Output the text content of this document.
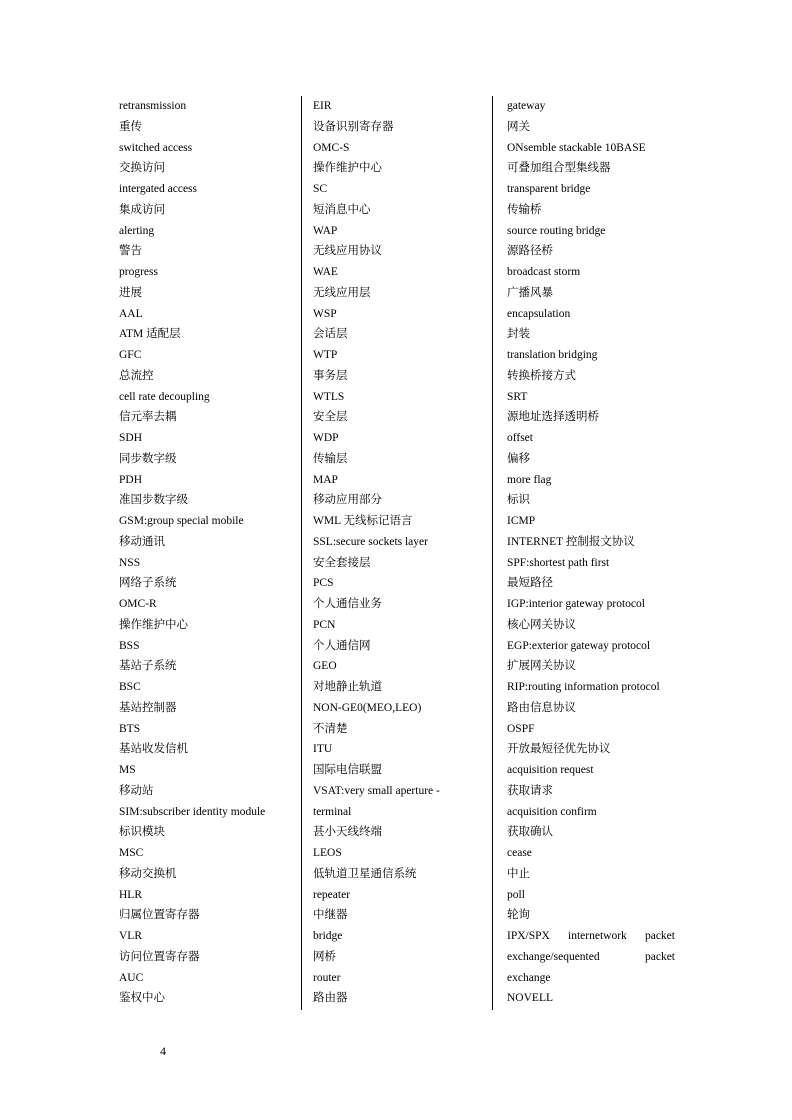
retransmission
重传
switched access
交换访问
intergated access
集成访问
alerting
警告
progress
进展
AAL
ATM 适配层
GFC
总流控
cell rate decoupling
信元率去耦
SDH
同步数字级
PDH
准国步数字级
GSM:group special mobile
移动通讯
NSS
网络子系统
OMC-R
操作维护中心
BSS
基站子系统
BSC
基站控制器
BTS
基站收发信机
MS
移动站
SIM:subscriber identity module
标识模块
MSC
移动交换机
HLR
归属位置寄存器
VLR
访问位置寄存器
AUC
鉴权中心
EIR
设备识别寄存器
OMC-S
操作维护中心
SC
短消息中心
WAP
无线应用协议
WAE
无线应用层
WSP
会话层
WTP
事务层
WTLS
安全层
WDP
传输层
MAP
移动应用部分
WML 无线标记语言
SSL:secure sockets layer
安全套接层
PCS
个人通信业务
PCN
个人通信网
GEO
对地静止轨道
NON-GE0(MEO,LEO)
不清楚
ITU
国际电信联盟
VSAT:very small aperture -
terminal
甚小天线终端
LEOS
低轨道卫星通信系统
repeater
中继器
bridge
网桥
router
路由器
gateway
网关
ONsemble stackable 10BASE
可叠加组合型集线器
transparent bridge
传输桥
source routing bridge
源路径桥
broadcast storm
广播风暴
encapsulation
封装
translation bridging
转换桥接方式
SRT
源地址选择透明桥
offset
偏移
more flag
标识
ICMP
INTERNET 控制报文协议
SPF:shortest path first
最短路径
IGP:interior gateway protocol
核心网关协议
EGP:exterior gateway protocol
扩展网关协议
RIP:routing information protocol
路由信息协议
OSPF
开放最短径优先协议
acquisition request
获取请求
acquisition confirm
获取确认
cease
中止
poll
轮询
IPX/SPX internetwork packet
exchange/sequented	packet
exchange
NOVELL
4
